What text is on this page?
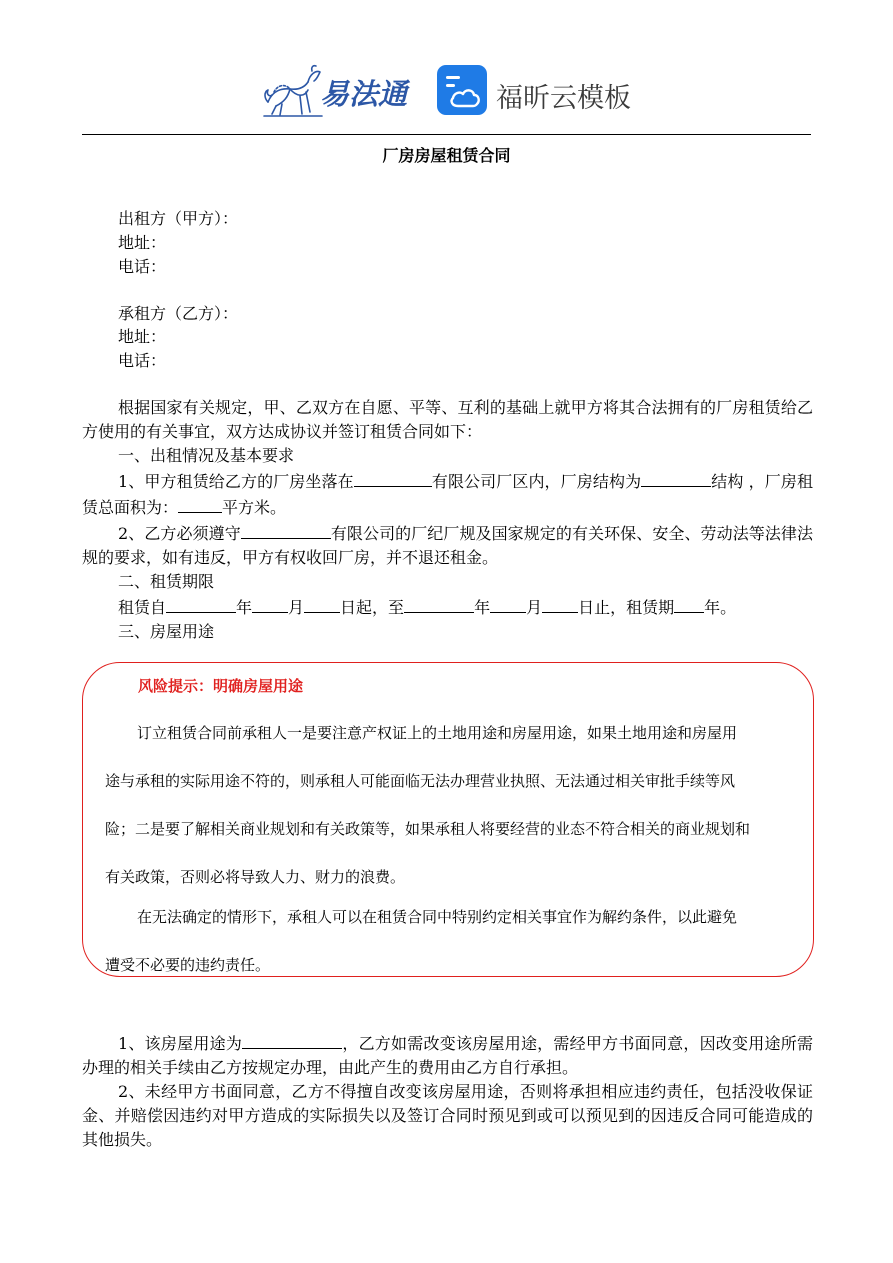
易法通	福昕云模板
厂房房屋租赁合同
出租方（甲方）：
地址：
电话：
承租方（乙方）：
地址：
电话：

根据国家有关规定，甲、乙双方在自愿、平等、互利的基础上就甲方将其合法拥有的厂房租赁给乙方使用的有关事宜，双方达成协议并签订租赁合同如下：

一、出租情况及基本要求

1、甲方租赁给乙方的厂房坐落在	有限公司厂区内，厂房结构为	结构 ，厂房租赁总面积为：	平方米。

2、乙方必须遵守	有限公司的厂纪厂规及国家规定的有关环保、安全、劳动法等法律法规的要求，如有违反，甲方有权收回厂房，并不退还租金。

二、租赁期限

租赁自	年 月 日起，至	年 月 日止，租赁期 年。

三、房屋用途

风险提示：明确房屋用途

订立租赁合同前承租人一是要注意产权证上的土地用途和房屋用途，如果土地用途和房屋用途与承租的实际用途不符的，则承租人可能面临无法办理营业执照、无法通过相关审批手续等风险；二是要了解相关商业规划和有关政策等，如果承租人将要经营的业态不符合相关的商业规划和有关政策，否则必将导致人力、财力的浪费。

在无法确定的情形下，承租人可以在租赁合同中特别约定相关事宜作为解约条件，以此避免遭受不必要的违约责任。

1、该房屋用途为	，乙方如需改变该房屋用途，需经甲方书面同意，因改变用途所需办理的相关手续由乙方按规定办理，由此产生的费用由乙方自行承担。

2、未经甲方书面同意，乙方不得擅自改变该房屋用途，否则将承担相应违约责任，包括没收保证金、并赔偿因违约对甲方造成的实际损失以及签订合同时预见到或可以预见到的因违反合同可能造成的其他损失。
